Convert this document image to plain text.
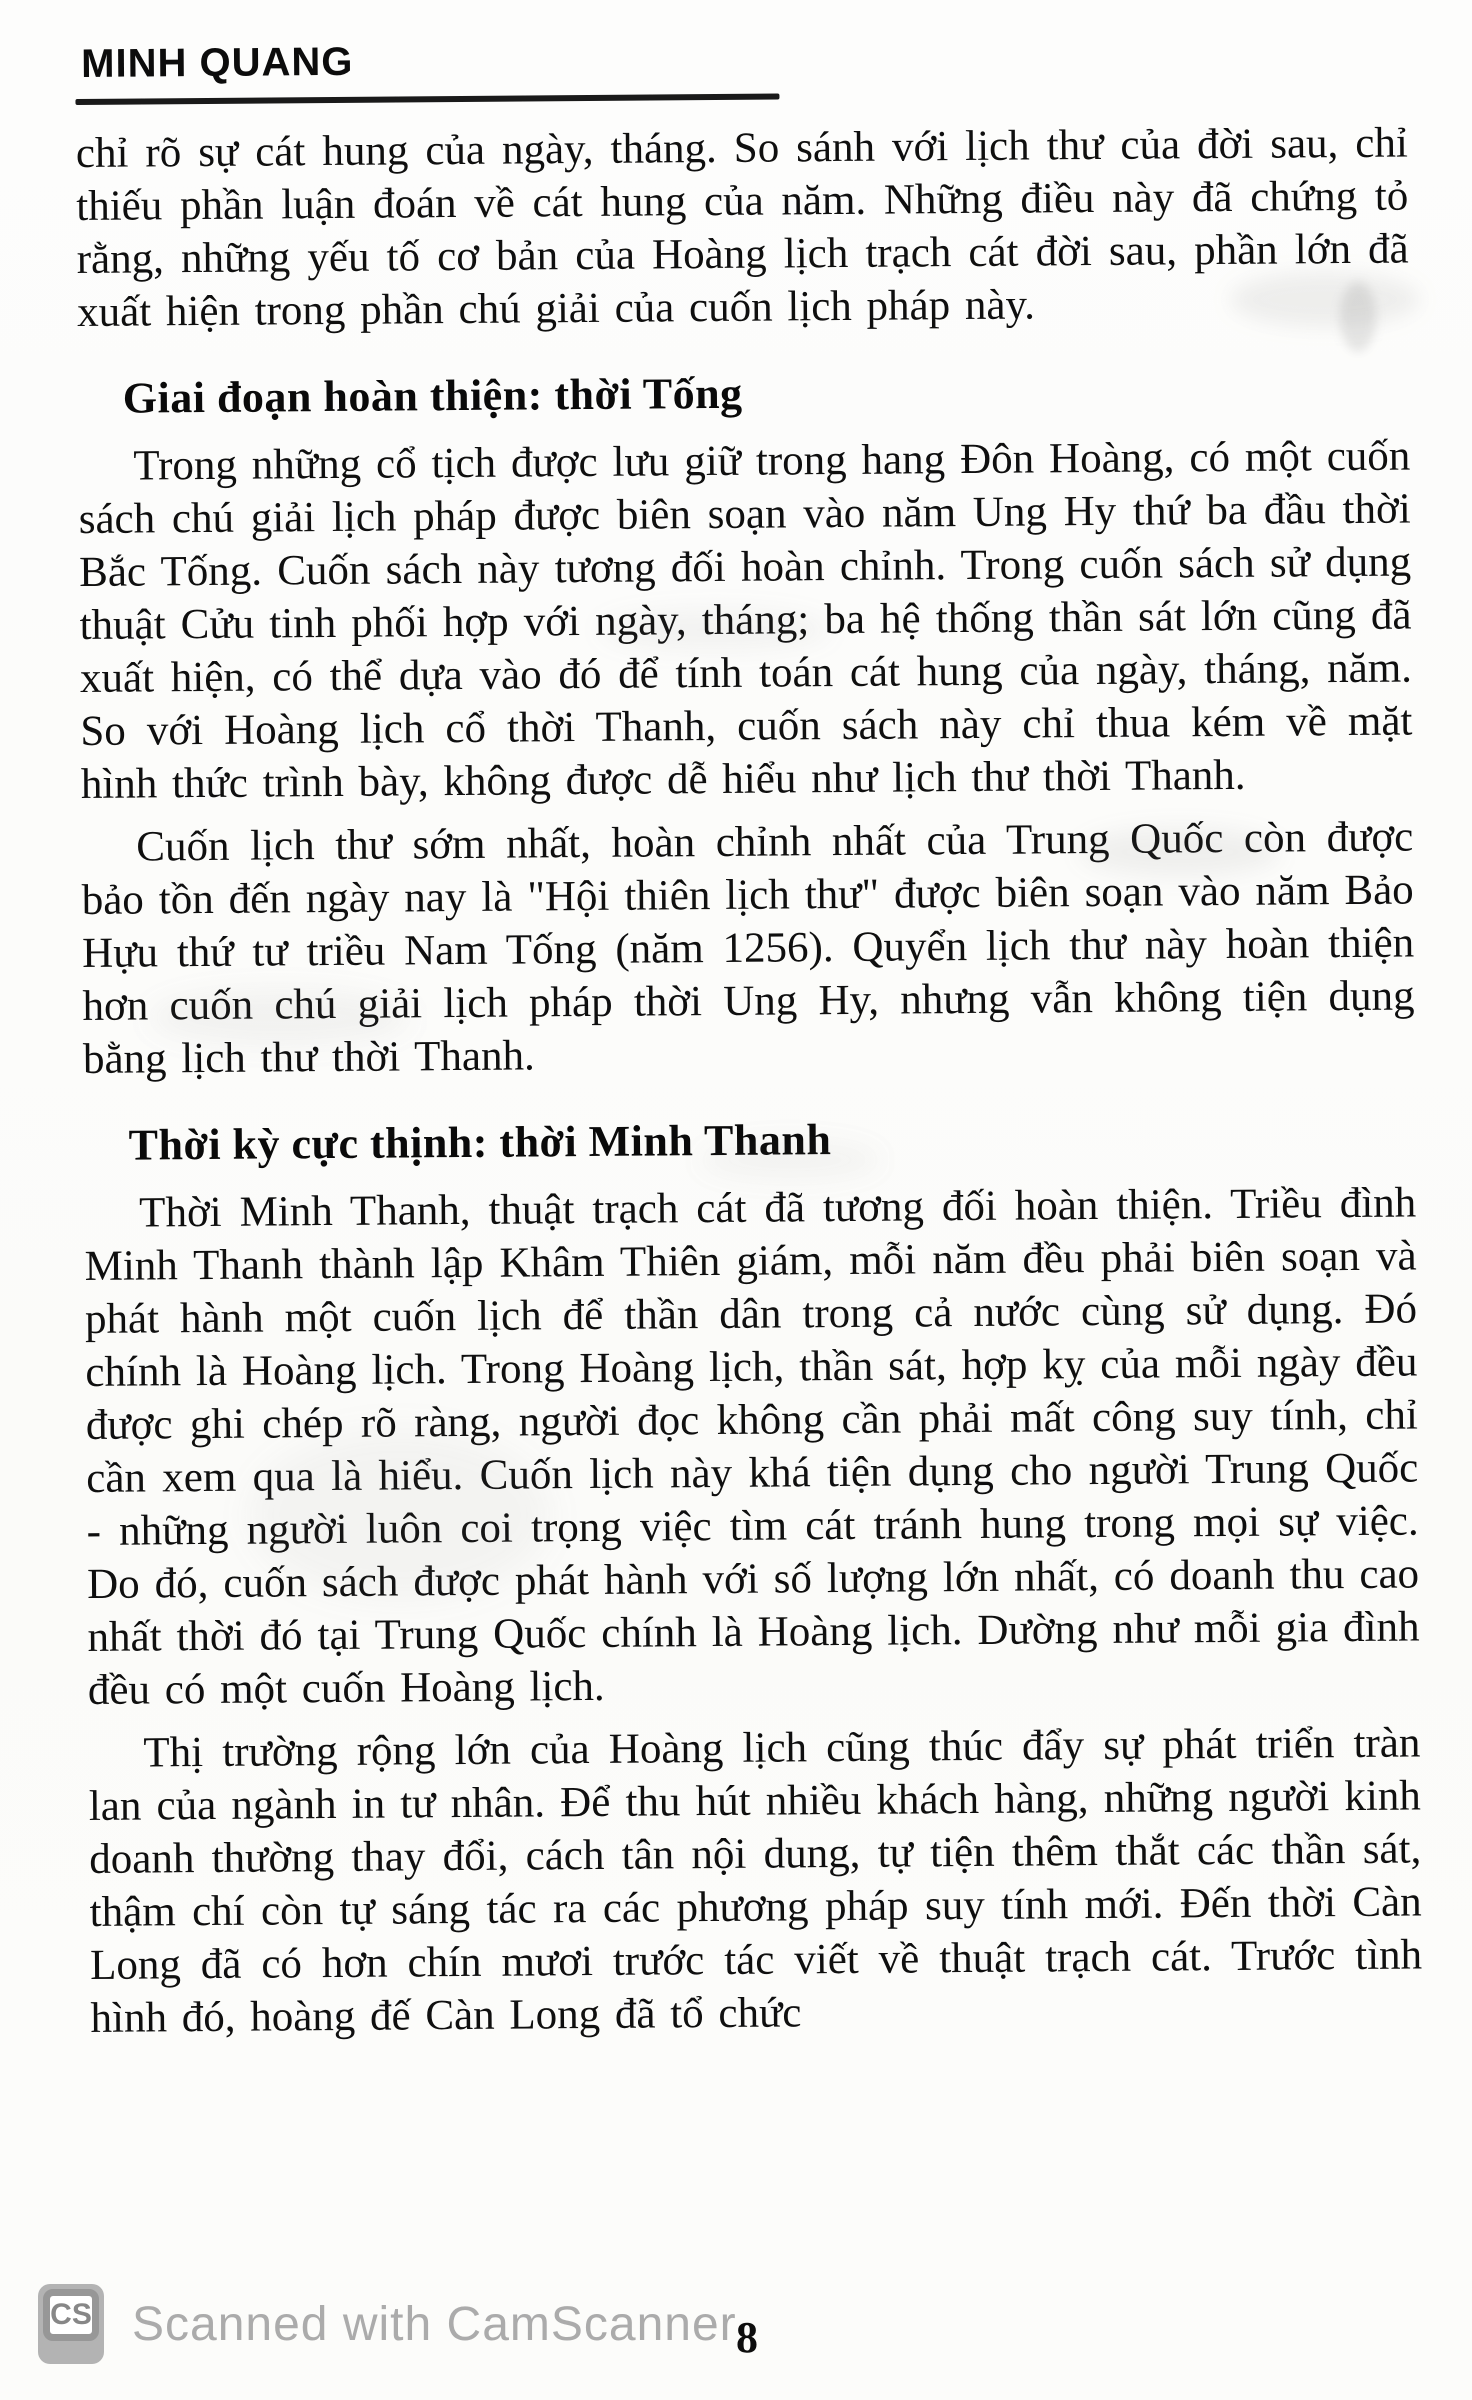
MINH QUANG

chỉ rõ sự cát hung của ngày, tháng. So sánh với lịch thư của đời sau, chỉ thiếu phần luận đoán về cát hung của năm. Những điều này đã chứng tỏ rằng, những yếu tố cơ bản của Hoàng lịch trạch cát đời sau, phần lớn đã xuất hiện trong phần chú giải của cuốn lịch pháp này.

Giai đoạn hoàn thiện: thời Tống

Trong những cổ tịch được lưu giữ trong hang Đôn Hoàng, có một cuốn sách chú giải lịch pháp được biên soạn vào năm Ung Hy thứ ba đầu thời Bắc Tống. Cuốn sách này tương đối hoàn chỉnh. Trong cuốn sách sử dụng thuật Cửu tinh phối hợp với ngày, tháng; ba hệ thống thần sát lớn cũng đã xuất hiện, có thể dựa vào đó để tính toán cát hung của ngày, tháng, năm. So với Hoàng lịch cổ thời Thanh, cuốn sách này chỉ thua kém về mặt hình thức trình bày, không được dễ hiểu như lịch thư thời Thanh.

Cuốn lịch thư sớm nhất, hoàn chỉnh nhất của Trung Quốc còn được bảo tồn đến ngày nay là "Hội thiên lịch thư" được biên soạn vào năm Bảo Hựu thứ tư triều Nam Tống (năm 1256). Quyển lịch thư này hoàn thiện hơn cuốn chú giải lịch pháp thời Ung Hy, nhưng vẫn không tiện dụng bằng lịch thư thời Thanh.

Thời kỳ cực thịnh: thời Minh Thanh

Thời Minh Thanh, thuật trạch cát đã tương đối hoàn thiện. Triều đình Minh Thanh thành lập Khâm Thiên giám, mỗi năm đều phải biên soạn và phát hành một cuốn lịch để thần dân trong cả nước cùng sử dụng. Đó chính là Hoàng lịch. Trong Hoàng lịch, thần sát, hợp kỵ của mỗi ngày đều được ghi chép rõ ràng, người đọc không cần phải mất công suy tính, chỉ cần xem qua là hiểu. Cuốn lịch này khá tiện dụng cho người Trung Quốc - những người luôn coi trọng việc tìm cát tránh hung trong mọi sự việc. Do đó, cuốn sách được phát hành với số lượng lớn nhất, có doanh thu cao nhất thời đó tại Trung Quốc chính là Hoàng lịch. Dường như mỗi gia đình đều có một cuốn Hoàng lịch.

Thị trường rộng lớn của Hoàng lịch cũng thúc đẩy sự phát triển tràn lan của ngành in tư nhân. Để thu hút nhiều khách hàng, những người kinh doanh thường thay đổi, cách tân nội dung, tự tiện thêm thắt các thần sát, thậm chí còn tự sáng tác ra các phương pháp suy tính mới. Đến thời Càn Long đã có hơn chín mươi trước tác viết về thuật trạch cát. Trước tình hình đó, hoàng đế Càn Long đã tổ chức

CS Scanned with CamScanner 8
